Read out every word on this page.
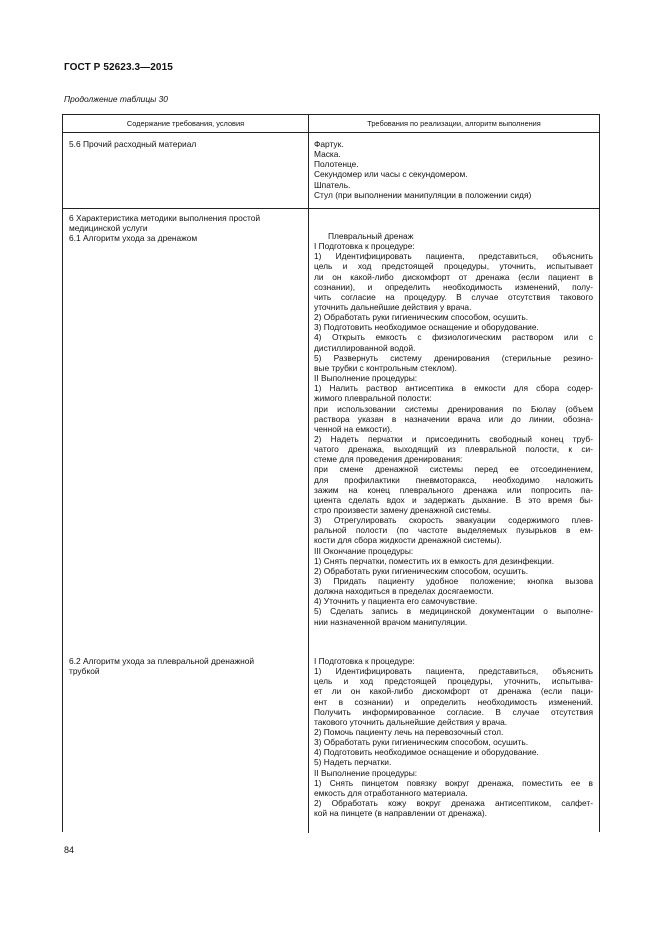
ГОСТ Р 52623.3—2015
Продолжение таблицы 30
Содержание требования, условия	Требования по реализации, алгоритм выполнения
5.6 Прочий расходный материал	Фартук.
Маска.
Полотенце.
Секундомер или часы с секундомером.
Шпатель.
Стул (при выполнении манипуляции в положении сидя)
6 Характеристика методики выполнения простой
медицинской услуги
6.1 Алгоритм ухода за дренажом
6.2 Алгоритм ухода за плевральной дренажной
трубкой
Плевральный дренаж
I Подготовка к процедуре:
1) Идентифицировать пациента, представиться, объяснить
цель и ход предстоящей процедуры, уточнить, испытывает
ли он какой-либо дискомфорт от дренажа (если пациент в
сознании), и определить необходимость изменений, полу-
чить согласие на процедуру. В случае отсутствия такового
уточнить дальнейшие действия у врача.
2) Обработать руки гигиеническим способом, осушить.
3) Подготовить необходимое оснащение и оборудование.
4) Открыть емкость с физиологическим раствором или с
дистиллированной водой.
5) Развернуть систему дренирования (стерильные резино-
вые трубки с контрольным стеклом).
II Выполнение процедуры:
1) Налить раствор антисептика в емкости для сбора содер-
жимого плевральной полости:
при использовании системы дренирования по Бюлау (объем
раствора указан в назначении врача или до линии, обозна-
ченной на емкости).
2) Надеть перчатки и присоединить свободный конец труб-
чатого дренажа, выходящий из плевральной полости, к си-
стеме для проведения дренирования:
при смене дренажной системы перед ее отсоединением,
для профилактики пневмоторакса, необходимо наложить
зажим на конец плеврального дренажа или попросить па-
циента сделать вдох и задержать дыхание. В это время бы-
стро произвести замену дренажной системы.
3) Отрегулировать скорость эвакуации содержимого плев-
ральной полости (по частоте выделяемых пузырьков в ем-
кости для сбора жидкости дренажной системы).
III Окончание процедуры:
1) Снять перчатки, поместить их в емкость для дезинфекции.
2) Обработать руки гигиеническим способом, осушить.
3) Придать пациенту удобное положение; кнопка вызова
должна находиться в пределах досягаемости.
4) Уточнить у пациента его самочувствие.
5) Сделать запись в медицинской документации о выполне-
нии назначенной врачом манипуляции.
I Подготовка к процедуре:
1) Идентифицировать пациента, представиться, объяснить
цель и ход предстоящей процедуры, уточнить, испытыва-
ет ли он какой-либо дискомфорт от дренажа (если паци-
ент в сознании) и определить необходимость изменений.
Получить информированное согласие. В случае отсутствия
такового уточнить дальнейшие действия у врача.
2) Помочь пациенту лечь на перевозочный стол.
3) Обработать руки гигиеническим способом, осушить.
4) Подготовить необходимое оснащение и оборудование.
5) Надеть перчатки.
II Выполнение процедуры:
1) Снять пинцетом повязку вокруг дренажа, поместить ее в
емкость для отработанного материала.
2) Обработать кожу вокруг дренажа антисептиком, салфет-
кой на пинцете (в направлении от дренажа).
84
